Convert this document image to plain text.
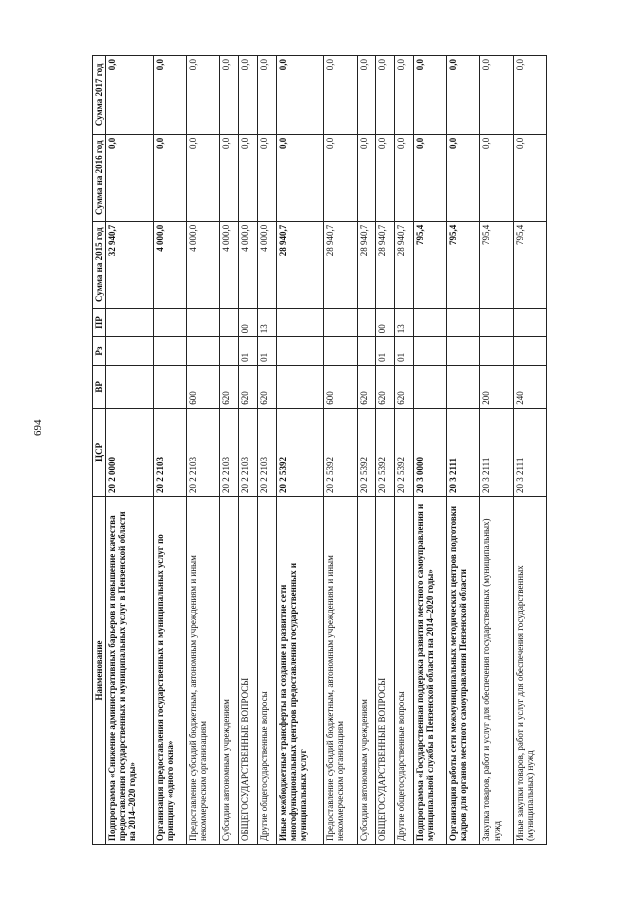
694
Наименование	ЦСР	ВР	Рз	ПР	Сумма на 2015 год	Сумма на 2016 год	Сумма 2017 год
Подпрограмма «Снижение административных барьеров и повышение качества предоставления государственных и муниципальных услуг в Пензенской области на 2014–2020 годы»	20 2 0000				32 940,7	0,0	0,0
Организация предоставления государственных и муниципальных услуг по принципу «одного окна»	20 2 2103				4 000,0	0,0	0,0
Предоставление субсидий бюджетным, автономным учреждениям и иным некоммерческим организациям	20 2 2103	600			4 000,0	0,0	0,0
Субсидии автономным учреждениям	20 2 2103	620			4 000,0	0,0	0,0
ОБЩЕГОСУДАРСТВЕННЫЕ ВОПРОСЫ	20 2 2103	620	01	00	4 000,0	0,0	0,0
Другие общегосударственные вопросы	20 2 2103	620	01	13	4 000,0	0,0	0,0
Иные межбюджетные трансферты на создание и развитие сети многофункциональных центров предоставления государственных и муниципальных услуг	20 2 5392				28 940,7	0,0	0,0
Предоставление субсидий бюджетным, автономным учреждениям и иным некоммерческим организациям	20 2 5392	600			28 940,7	0,0	0,0
Субсидии автономным учреждениям	20 2 5392	620			28 940,7	0,0	0,0
ОБЩЕГОСУДАРСТВЕННЫЕ ВОПРОСЫ	20 2 5392	620	01	00	28 940,7	0,0	0,0
Другие общегосударственные вопросы	20 2 5392	620	01	13	28 940,7	0,0	0,0
Подпрограмма «Государственная поддержка развития местного самоуправления и муниципальной службы в Пензенской области на 2014–2020 годы»	20 3 0000				795,4	0,0	0,0
Организация работы сети межмуниципальных методических центров подготовки кадров для органов местного самоуправления Пензенской области	20 3 2111				795,4	0,0	0,0
Закупка товаров, работ и услуг для обеспечения государственных (муниципальных) нужд	20 3 2111	200			795,4	0,0	0,0
Иные закупки товаров, работ и услуг для обеспечения государственных (муниципальных) нужд	20 3 2111	240			795,4	0,0	0,0
